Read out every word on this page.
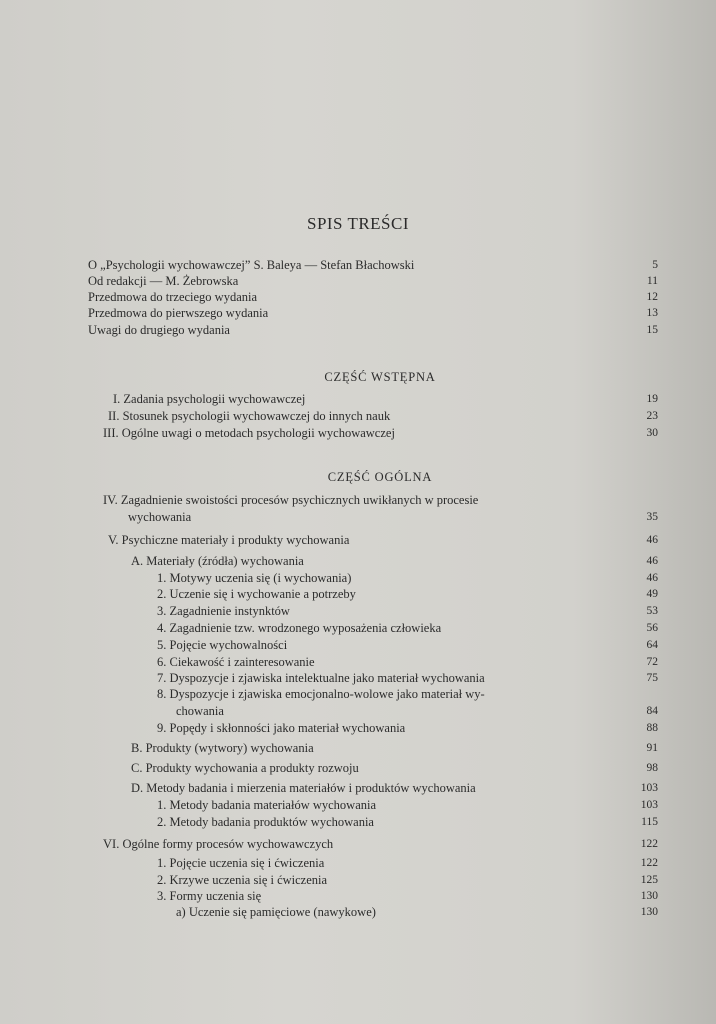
SPIS TREŚCI
O „Psychologii wychowawczej” S. Baleya — Stefan Błachowski	5
Od redakcji — M. Żebrowska	11
Przedmowa do trzeciego wydania	12
Przedmowa do pierwszego wydania	13
Uwagi do drugiego wydania	15
CZĘŚĆ WSTĘPNA
I. Zadania psychologii wychowawczej	19
II. Stosunek psychologii wychowawczej do innych nauk	23
III. Ogólne uwagi o metodach psychologii wychowawczej	30
CZĘŚĆ OGÓLNA
IV. Zagadnienie swoistości procesów psychicznych uwikłanych w procesie
wychowania	35
V. Psychiczne materiały i produkty wychowania	46
A. Materiały (źródła) wychowania	46
1. Motywy uczenia się (i wychowania)	46
2. Uczenie się i wychowanie a potrzeby	49
3. Zagadnienie instynktów	53
4. Zagadnienie tzw. wrodzonego wyposażenia człowieka	56
5. Pojęcie wychowalności	64
6. Ciekawość i zainteresowanie	72
7. Dyspozycje i zjawiska intelektualne jako materiał wychowania	75
8. Dyspozycje i zjawiska emocjonalno-wolowe jako materiał wy-
chowania	84
9. Popędy i skłonności jako materiał wychowania	88
B. Produkty (wytwory) wychowania	91
C. Produkty wychowania a produkty rozwoju	98
D. Metody badania i mierzenia materiałów i produktów wychowania	103
1. Metody badania materiałów wychowania	103
2. Metody badania produktów wychowania	115
VI. Ogólne formy procesów wychowawczych	122
1. Pojęcie uczenia się i ćwiczenia	122
2. Krzywe uczenia się i ćwiczenia	125
3. Formy uczenia się	130
a) Uczenie się pamięciowe (nawykowe)	130
